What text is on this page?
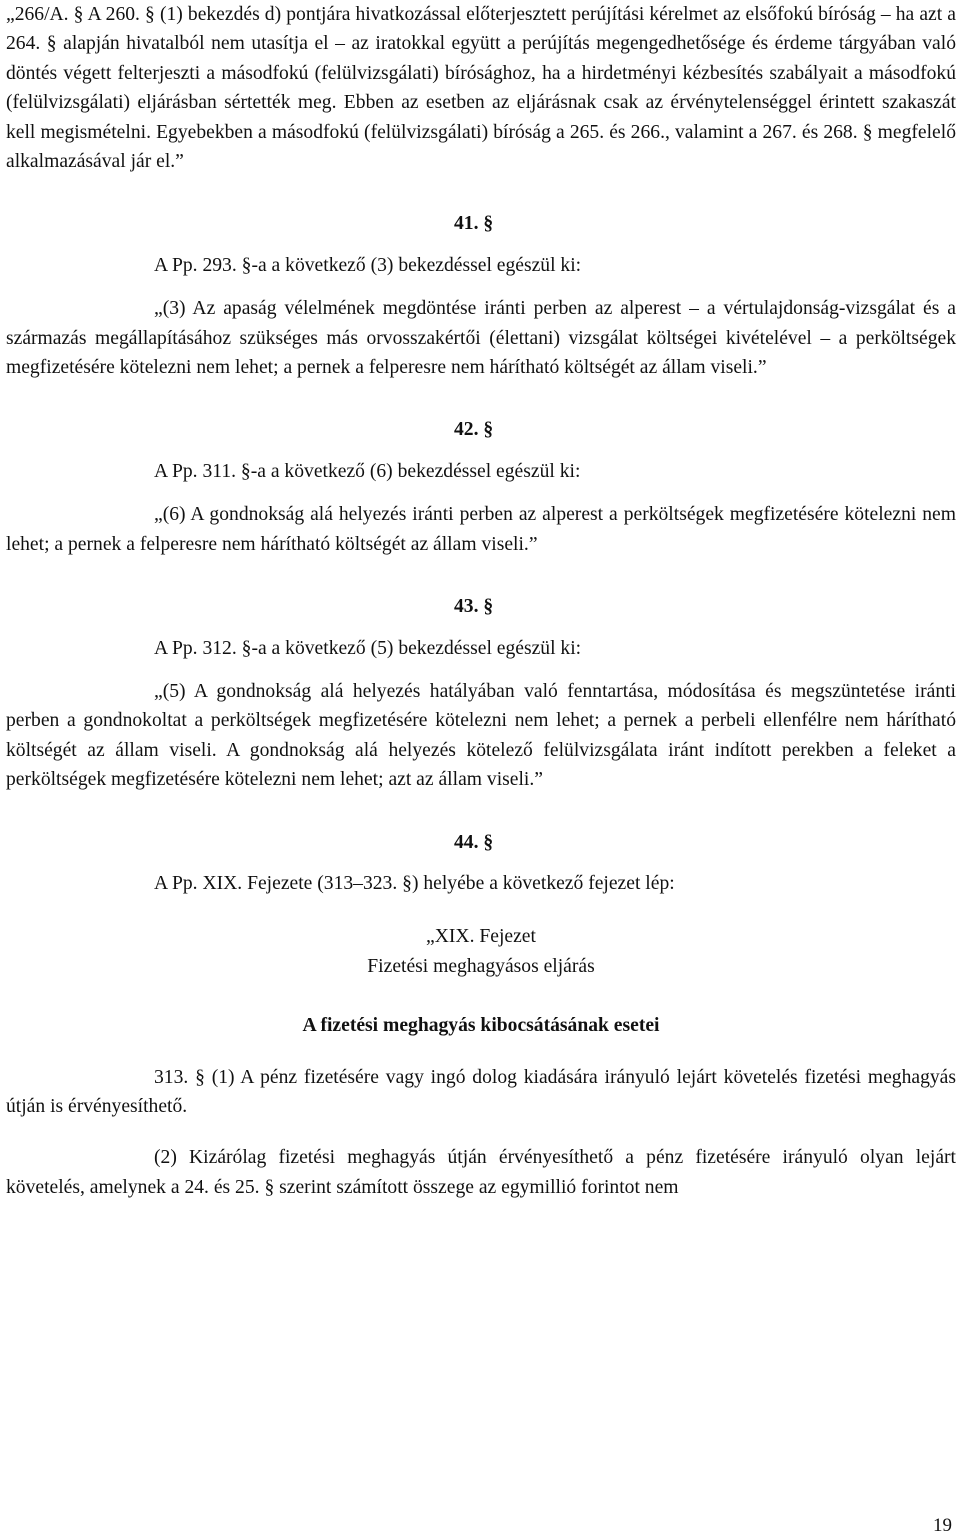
„266/A. § A 260. § (1) bekezdés d) pontjára hivatkozással előterjesztett perújítási kérelmet az elsőfokú bíróság – ha azt a 264. § alapján hivatalból nem utasítja el – az iratokkal együtt a perújítás megengedhetősége és érdeme tárgyában való döntés végett felterjeszti a másodfokú (felülvizsgálati) bírósághoz, ha a hirdetményi kézbesítés szabályait a másodfokú (felülvizsgálati) eljárásban sértették meg. Ebben az esetben az eljárásnak csak az érvénytelenséggel érintett szakaszát kell megismételni. Egyebekben a másodfokú (felülvizsgálati) bíróság a 265. és 266., valamint a 267. és 268. § megfelelő alkalmazásával jár el.”

41. §

A Pp. 293. §-a a következő (3) bekezdéssel egészül ki:

„(3) Az apaság vélelmének megdöntése iránti perben az alperest – a vértulajdonság-vizsgálat és a származás megállapításához szükséges más orvosszakértői (élettani) vizsgálat költségei kivételével – a perköltségek megfizetésére kötelezni nem lehet; a pernek a felperesre nem hárítható költségét az állam viseli.”

42. §

A Pp. 311. §-a a következő (6) bekezdéssel egészül ki:

„(6) A gondnokság alá helyezés iránti perben az alperest a perköltségek megfizetésére kötelezni nem lehet; a pernek a felperesre nem hárítható költségét az állam viseli.”

43. §

A Pp. 312. §-a a következő (5) bekezdéssel egészül ki:

„(5) A gondnokság alá helyezés hatályában való fenntartása, módosítása és megszüntetése iránti perben a gondnokoltat a perköltségek megfizetésére kötelezni nem lehet; a pernek a perbeli ellenfélre nem hárítható költségét az állam viseli. A gondnokság alá helyezés kötelező felülvizsgálata iránt indított perekben a feleket a perköltségek megfizetésére kötelezni nem lehet; azt az állam viseli.”

44. §

A Pp. XIX. Fejezete (313–323. §) helyébe a következő fejezet lép:

„XIX. Fejezet

Fizetési meghagyásos eljárás

A fizetési meghagyás kibocsátásának esetei

313. § (1) A pénz fizetésére vagy ingó dolog kiadására irányuló lejárt követelés fizetési meghagyás útján is érvényesíthető.

(2) Kizárólag fizetési meghagyás útján érvényesíthető a pénz fizetésére irányuló olyan lejárt követelés, amelynek a 24. és 25. § szerint számított összege az egymillió forintot nem

19
